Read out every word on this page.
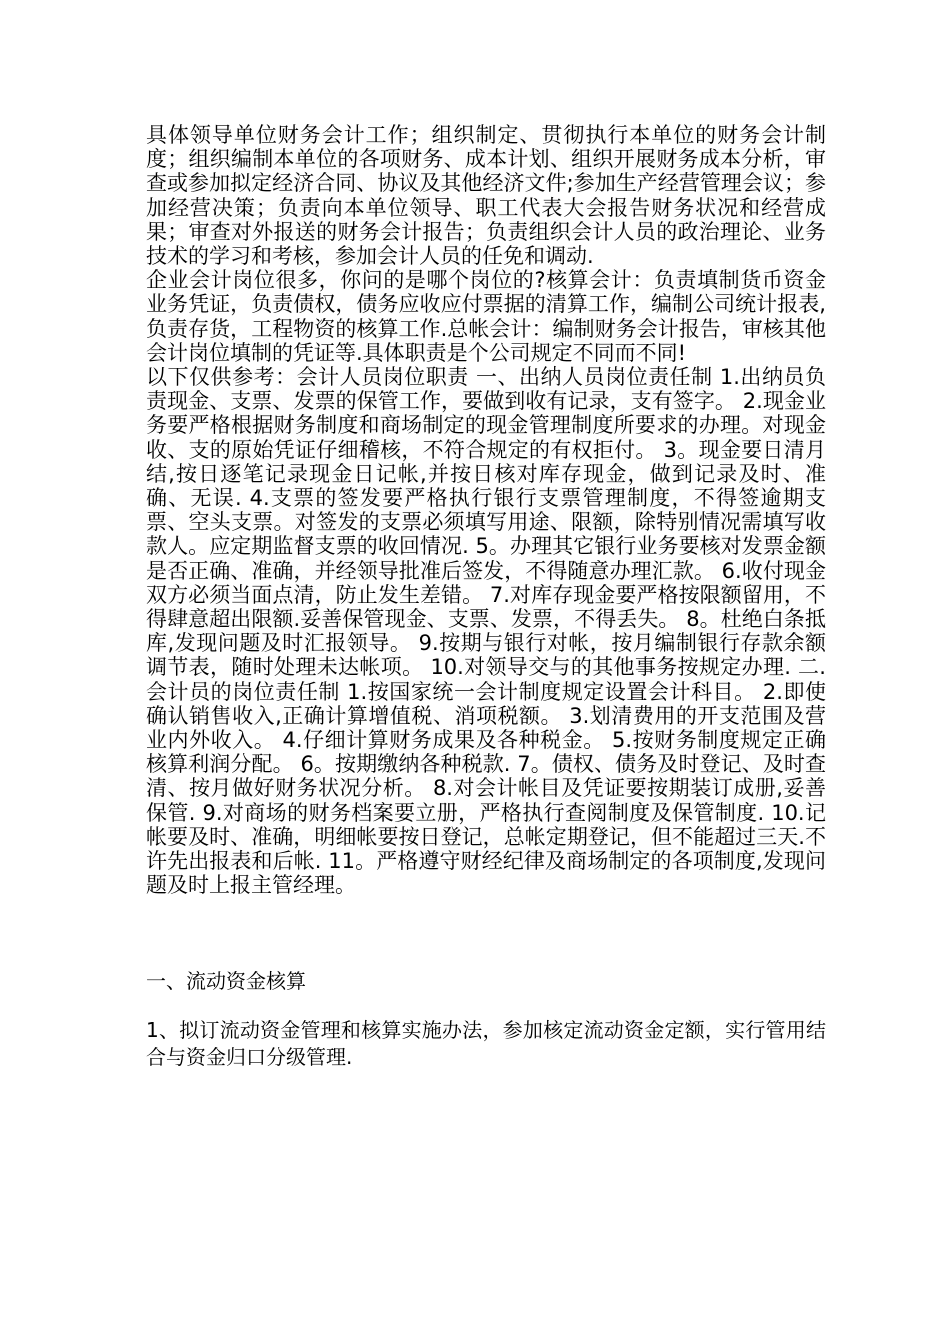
具体领导单位财务会计工作；组织制定、贯彻执行本单位的财务会计制度；组织编制本单位的各项财务、成本计划、组织开展财务成本分析，审查或参加拟定经济合同、协议及其他经济文件;参加生产经营管理会议；参加经营决策；负责向本单位领导、职工代表大会报告财务状况和经营成果；审查对外报送的财务会计报告；负责组织会计人员的政治理论、业务技术的学习和考核，参加会计人员的任免和调动.

企业会计岗位很多，你问的是哪个岗位的?核算会计：负责填制货币资金业务凭证，负责债权，债务应收应付票据的清算工作，编制公司统计报表,负责存货，工程物资的核算工作.总帐会计：编制财务会计报告，审核其他会计岗位填制的凭证等.具体职责是个公司规定不同而不同!

以下仅供参考：会计人员岗位职责 一、出纳人员岗位责任制 1.出纳员负责现金、支票、发票的保管工作，要做到收有记录，支有签字。 2.现金业务要严格根据财务制度和商场制定的现金管理制度所要求的办理。对现金收、支的原始凭证仔细稽核，不符合规定的有权拒付。 3。现金要日清月结,按日逐笔记录现金日记帐,并按日核对库存现金，做到记录及时、准确、无误. 4.支票的签发要严格执行银行支票管理制度，不得签逾期支票、空头支票。对签发的支票必须填写用途、限额，除特别情况需填写收款人。应定期监督支票的收回情况. 5。办理其它银行业务要核对发票金额是否正确、准确，并经领导批准后签发，不得随意办理汇款。 6.收付现金双方必须当面点清，防止发生差错。 7.对库存现金要严格按限额留用，不得肆意超出限额.妥善保管现金、支票、发票，不得丢失。 8。杜绝白条抵库,发现问题及时汇报领导。 9.按期与银行对帐，按月编制银行存款余额调节表，随时处理未达帐项。 10.对领导交与的其他事务按规定办理. 二.会计员的岗位责任制 1.按国家统一会计制度规定设置会计科目。 2.即使确认销售收入,正确计算增值税、消项税额。 3.划清费用的开支范围及营业内外收入。 4.仔细计算财务成果及各种税金。 5.按财务制度规定正确核算利润分配。 6。按期缴纳各种税款. 7。债权、债务及时登记、及时查清、按月做好财务状况分析。 8.对会计帐目及凭证要按期装订成册,妥善保管. 9.对商场的财务档案要立册，严格执行查阅制度及保管制度. 10.记帐要及时、准确，明细帐要按日登记，总帐定期登记，但不能超过三天.不许先出报表和后帐. 11。严格遵守财经纪律及商场制定的各项制度,发现问题及时上报主管经理。

一、流动资金核算

1、拟订流动资金管理和核算实施办法，参加核定流动资金定额，实行管用结合与资金归口分级管理.
